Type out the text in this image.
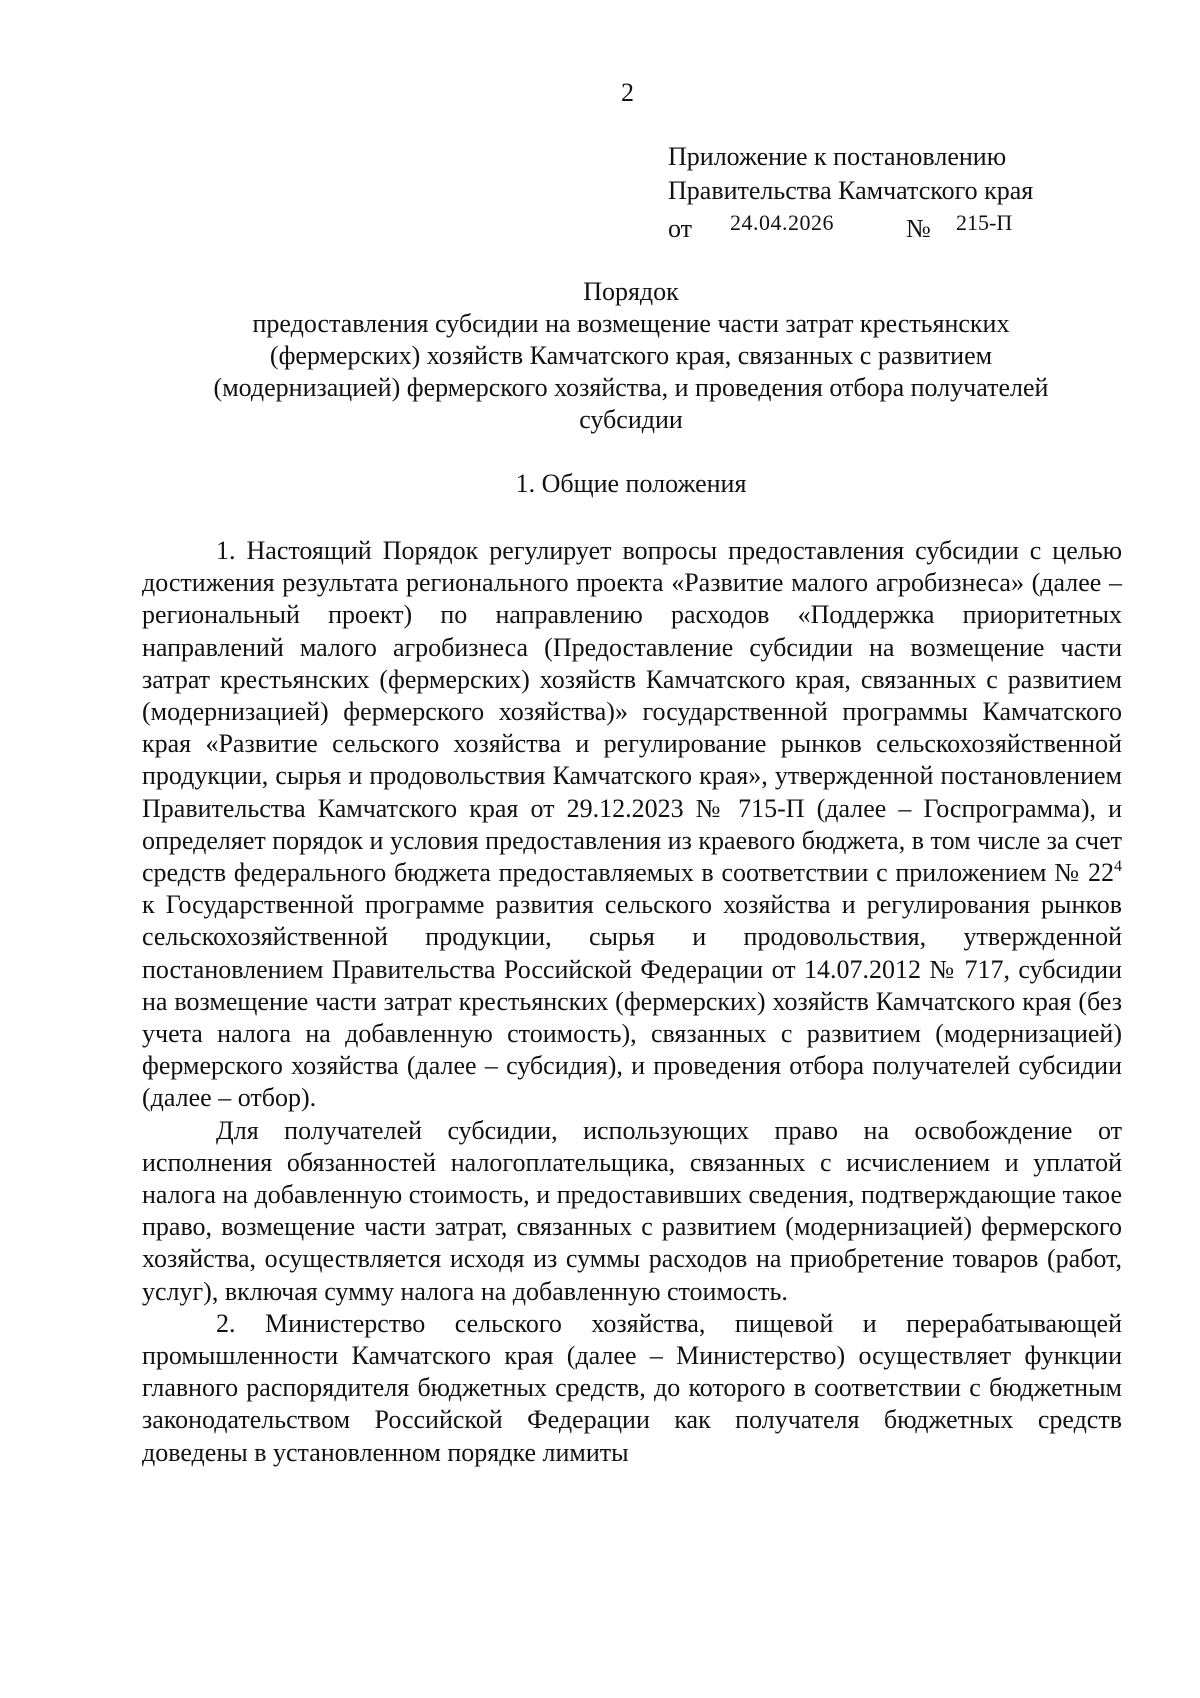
2
Приложение к постановлению
Правительства Камчатского края
от 24.04.2026	№ 215-П
Порядок
предоставления субсидии на возмещение части затрат крестьянских
(фермерских) хозяйств Камчатского края, связанных с развитием
(модернизацией) фермерского хозяйства, и проведения отбора получателей
субсидии
1. Общие положения

1. Настоящий Порядок регулирует вопросы предоставления субсидии с целью достижения результата регионального проекта «Развитие малого агробизнеса» (далее – региональный проект) по направлению расходов «Поддержка приоритетных направлений малого агробизнеса (Предоставление субсидии на возмещение части затрат крестьянских (фермерских) хозяйств Камчатского края, связанных с развитием (модернизацией) фермерского хозяйства)» государственной программы Камчатского края «Развитие сельского хозяйства и регулирование рынков сельскохозяйственной продукции, сырья и продовольствия Камчатского края», утвержденной постановлением Правительства Камчатского края от 29.12.2023 № 715-П (далее – Госпрограмма), и определяет порядок и условия предоставления из краевого бюджета, в том числе за счет средств федерального бюджета предоставляемых в соответствии с приложением № $22^4$ к Государственной программе развития сельского хозяйства и регулирования рынков сельскохозяйственной продукции, сырья и продовольствия, утвержденной постановлением Правительства Российской Федерации от 14.07.2012 № 717, субсидии на возмещение части затрат крестьянских (фермерских) хозяйств Камчатского края (без учета налога на добавленную стоимость), связанных с развитием (модернизацией) фермерского хозяйства (далее – субсидия), и проведения отбора получателей субсидии (далее – отбор).

Для получателей субсидии, использующих право на освобождение от исполнения обязанностей налогоплательщика, связанных с исчислением и уплатой налога на добавленную стоимость, и предоставивших сведения, подтверждающие такое право, возмещение части затрат, связанных с развитием (модернизацией) фермерского хозяйства, осуществляется исходя из суммы расходов на приобретение товаров (работ, услуг), включая сумму налога на добавленную стоимость.

2. Министерство сельского хозяйства, пищевой и перерабатывающей промышленности Камчатского края (далее – Министерство) осуществляет функции главного распорядителя бюджетных средств, до которого в соответствии с бюджетным законодательством Российской Федерации как получателя бюджетных средств доведены в установленном порядке лимиты
